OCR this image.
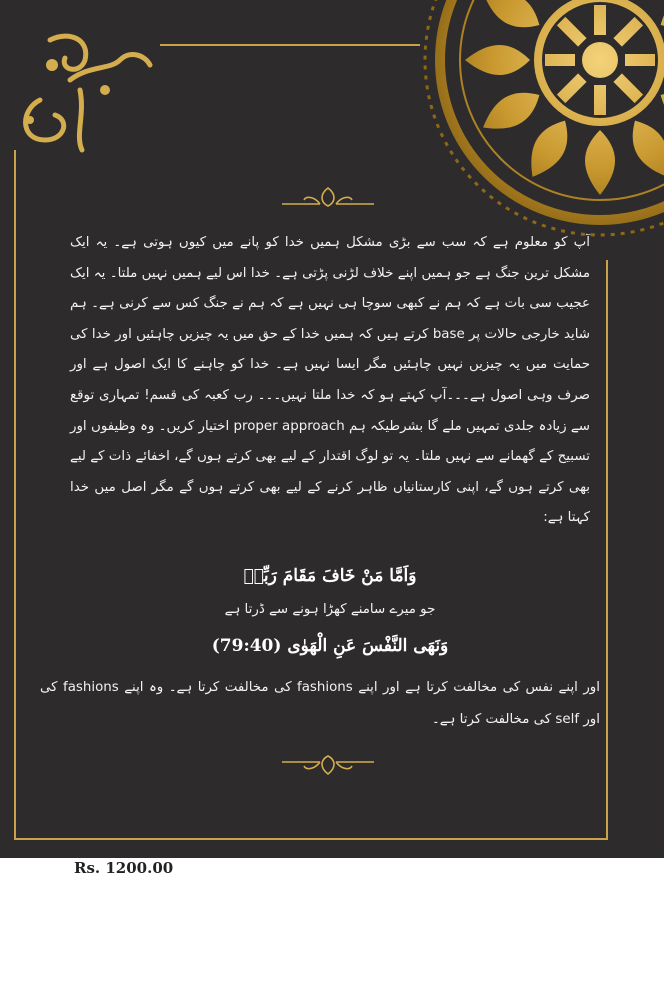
آپ کو معلوم ہے کہ سب سے بڑی مشکل ہمیں خدا کو پانے میں کیوں ہوتی ہے۔ یہ ایک مشکل ترین جنگ ہے جو ہمیں اپنے خلاف لڑنی پڑتی ہے۔ خدا اس لیے ہمیں نہیں ملتا۔ یہ ایک عجیب سی بات ہے کہ ہم نے کبھی سوچا ہی نہیں ہے کہ ہم نے جنگ کس سے کرنی ہے۔ ہم شاید خارجی حالات پر base کرتے ہیں کہ ہمیں خدا کے حق میں یہ چیزیں چاہئیں اور خدا کی حمایت میں یہ چیزیں نہیں چاہئیں مگر ایسا نہیں ہے۔ خدا کو چاہنے کا ایک اصول ہے اور صرف وہی اصول ہے۔۔۔آپ کہتے ہو کہ خدا ملتا نہیں۔۔۔ رب کعبہ کی قسم! تمہاری توقع سے زیادہ جلدی تمہیں ملے گا بشرطیکہ ہم proper approach اختیار کریں۔ وہ وظیفوں اور تسبیح کے گھمانے سے نہیں ملتا۔ یہ تو لوگ اقتدار کے لیے بھی کرتے ہوں گے، اخفائے ذات کے لیے بھی کرتے ہوں گے، اپنی کارستانیاں ظاہر کرنے کے لیے بھی کرتے ہوں گے مگر اصل میں خدا کہتا ہے:
وَاَمَّا مَنْ خَافَ مَقَامَ رَبِّهٖ
جو میرے سامنے کھڑا ہونے سے ڈرتا ہے
وَنَهَى النَّفْسَ عَنِ الْهَوٰى (79:40)
اور اپنے نفس کی مخالفت کرتا ہے اور اپنے fashions کی مخالفت کرتا ہے۔ وہ اپنے fashions کی اور self کی مخالفت کرتا ہے۔
Rs. 1200.00
